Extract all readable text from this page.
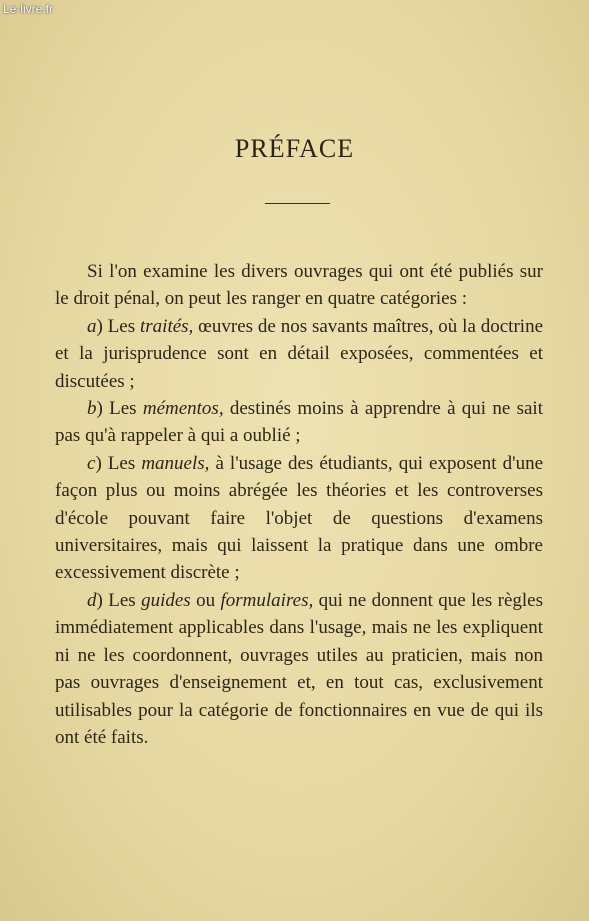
Le-livre.fr
PRÉFACE

Si l'on examine les divers ouvrages qui ont été publiés sur le droit pénal, on peut les ranger en quatre catégories :

a) Les traités, œuvres de nos savants maîtres, où la doctrine et la jurisprudence sont en détail exposées, commentées et discutées ;

b) Les mémentos, destinés moins à apprendre à qui ne sait pas qu'à rappeler à qui a oublié ;

c) Les manuels, à l'usage des étudiants, qui exposent d'une façon plus ou moins abrégée les théories et les controverses d'école pouvant faire l'objet de questions d'examens universitaires, mais qui laissent la pratique dans une ombre excessivement discrète ;

d) Les guides ou formulaires, qui ne donnent que les règles immédiatement applicables dans l'usage, mais ne les expliquent ni ne les coordonnent, ouvrages utiles au praticien, mais non pas ouvrages d'enseignement et, en tout cas, exclusivement utilisables pour la catégorie de fonctionnaires en vue de qui ils ont été faits.
